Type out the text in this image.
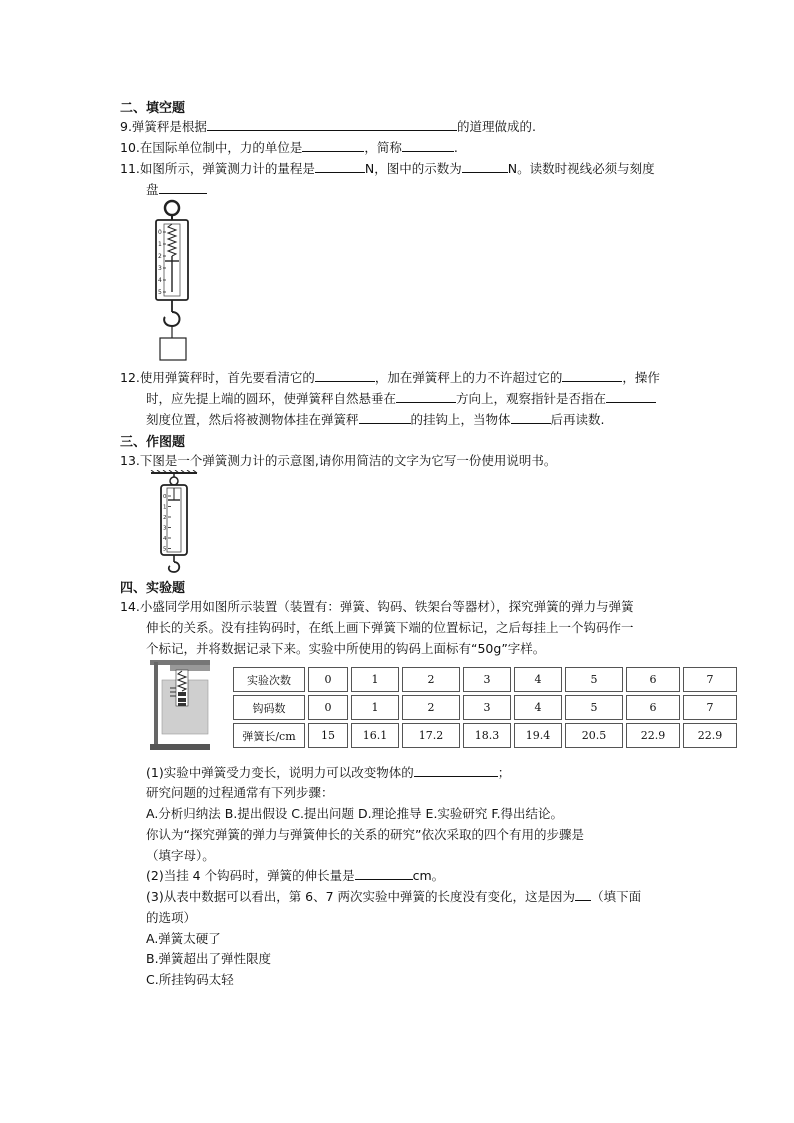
二、填空题
9.弹簧秤是根据	的道理做成的.
10.在国际单位制中，力的单位是	，简称	.
11.如图所示，弹簧测力计的量程是	N，图中的示数为	N。读数时视线必须与刻度
盘
0
1
2
3
4
5
12.使用弹簧秤时，首先要看清它的	，加在弹簧秤上的力不许超过它的	，操作
时，应先提上端的圆环，使弹簧秤自然悬垂在	方向上，观察指针是否指在
刻度位置，然后将被测物体挂在弹簧秤	的挂钩上，当物体	后再读数.
三、作图题
13.下图是一个弹簧测力计的示意图,请你用简洁的文字为它写一份使用说明书。
0
1
2
3
4
5
四、实验题
14.小盛同学用如图所示装置（装置有：弹簧、钩码、铁架台等器材），探究弹簧的弹力与弹簧
伸长的关系。没有挂钩码时，在纸上画下弹簧下端的位置标记，之后每挂上一个钩码作一
个标记，并将数据记录下来。实验中所使用的钩码上面标有“50g”字样。
实验次数	0	1	2	3	4	5	6	7
钩码数	0	1	2	3	4	5	6	7
弹簧长/cm	15	16.1	17.2	18.3	19.4	20.5	22.9	22.9
(1)实验中弹簧受力变长，说明力可以改变物体的	；
研究问题的过程通常有下列步骤：
A.分析归纳法 B.提出假设 C.提出问题 D.理论推导 E.实验研究 F.得出结论。
你认为“探究弹簧的弹力与弹簧伸长的关系的研究”依次采取的四个有用的步骤是
（填字母）。
(2)当挂 4 个钩码时，弹簧的伸长量是	cm。
(3)从表中数据可以看出，第 6、7 两次实验中弹簧的长度没有变化，这是因为 （填下面
的选项）
A.弹簧太硬了
B.弹簧超出了弹性限度
C.所挂钩码太轻
